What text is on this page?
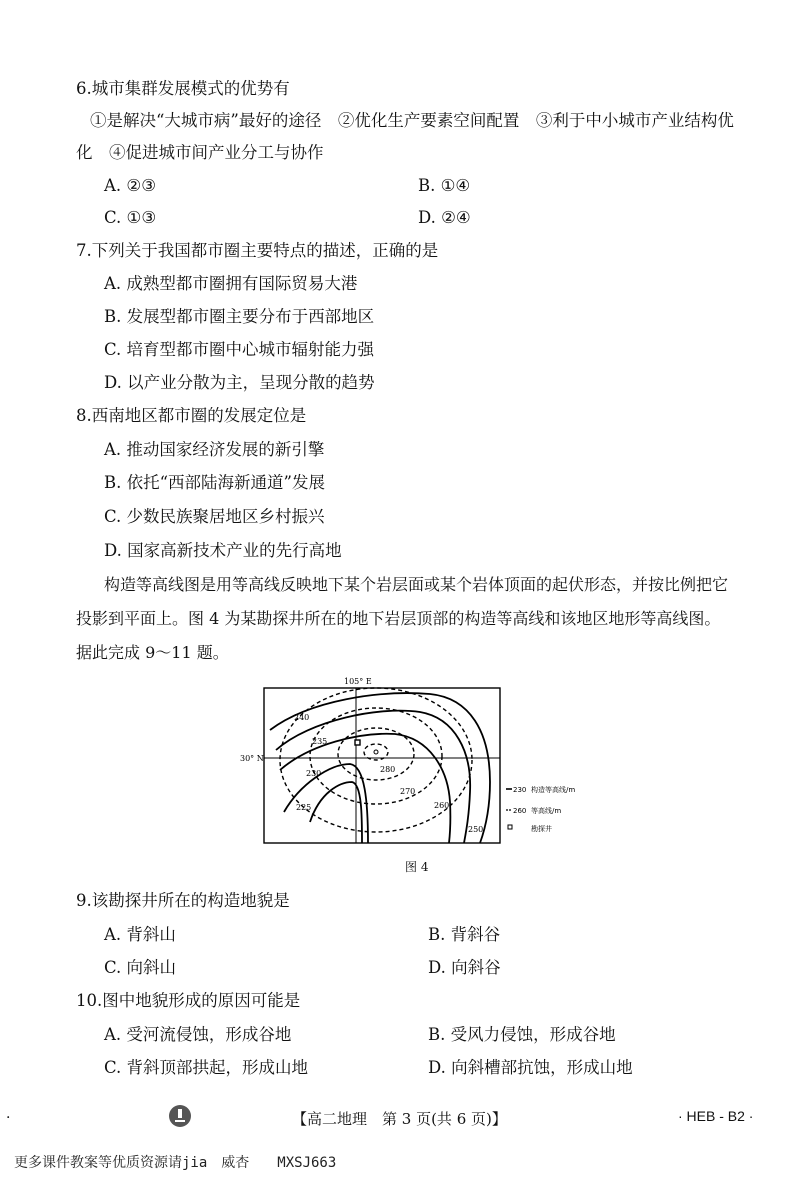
6.城市集群发展模式的优势有
①是解决“大城市病”最好的途径　②优化生产要素空间配置　③利于中小城市产业结构优
化　④促进城市间产业分工与协作
A. ②③	B. ①④
C. ①③	D. ②④
7.下列关于我国都市圈主要特点的描述，正确的是
A. 成熟型都市圈拥有国际贸易大港
B. 发展型都市圈主要分布于西部地区
C. 培育型都市圈中心城市辐射能力强
D. 以产业分散为主，呈现分散的趋势
8.西南地区都市圈的发展定位是
A. 推动国家经济发展的新引擎
B. 依托“西部陆海新通道”发展
C. 少数民族聚居地区乡村振兴
D. 国家高新技术产业的先行高地
构造等高线图是用等高线反映地下某个岩层面或某个岩体顶面的起伏形态，并按比例把它
投影到平面上。图 4 为某勘探井所在的地下岩层顶部的构造等高线和该地区地形等高线图。
据此完成 9～11 题。
105° E
30° N
240
235
230
225
280
270
260
250
230 构造等高线/m
260 等高线/m
勘探井
图 4
9.该勘探井所在的构造地貌是
A. 背斜山	B. 背斜谷
C. 向斜山	D. 向斜谷
10.图中地貌形成的原因可能是
A. 受河流侵蚀，形成谷地	B. 受风力侵蚀，形成谷地
C. 背斜顶部拱起，形成山地	D. 向斜槽部抗蚀，形成山地
·	【高二地理　第 3 页(共 6 页)】	· HEB - B2 ·
更多课件教案等优质资源请jia　威杏　　MXSJ663
